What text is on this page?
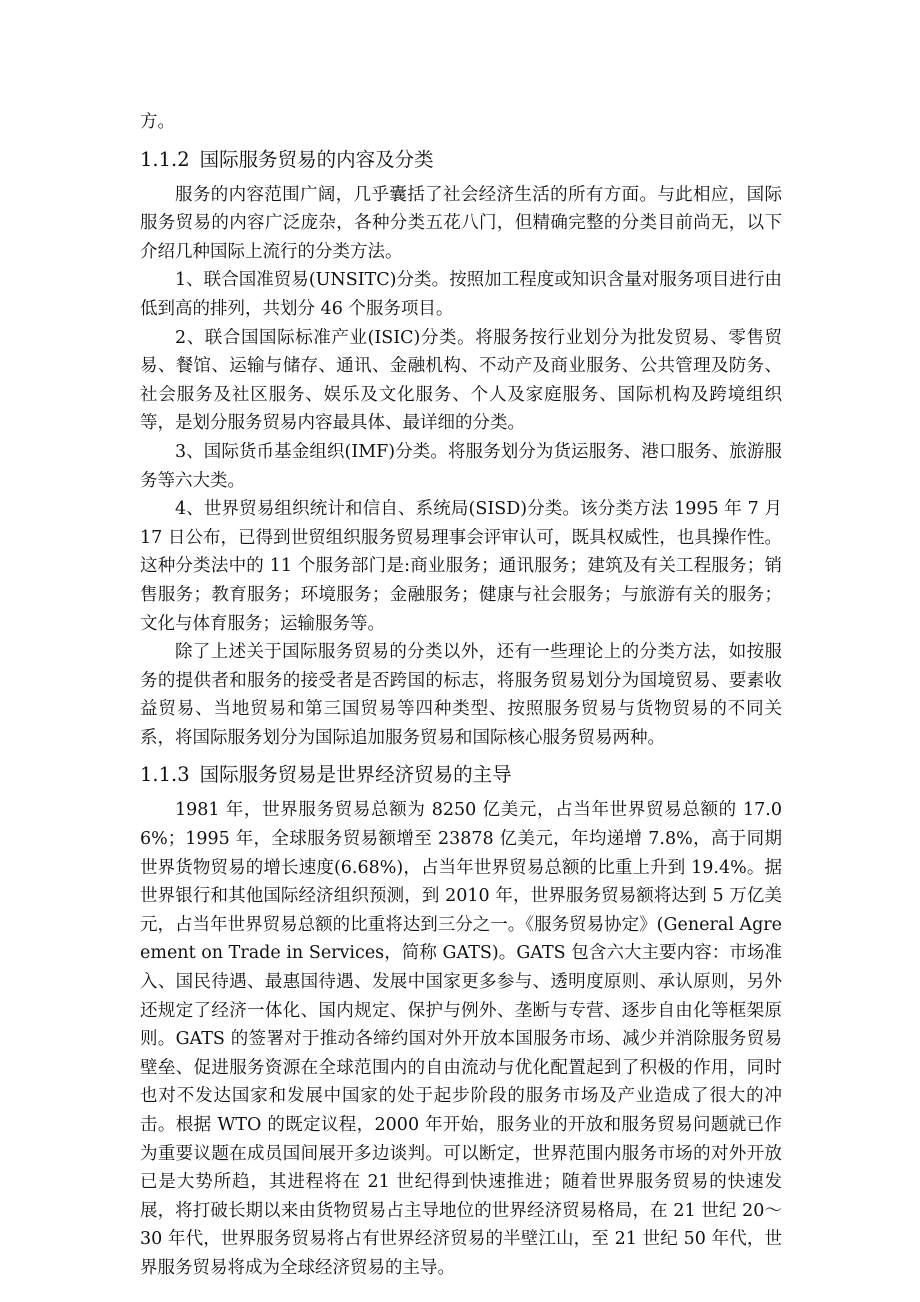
方。

1.1.2 国际服务贸易的内容及分类

服务的内容范围广阔，几乎囊括了社会经济生活的所有方面。与此相应，国际服务贸易的内容广泛庞杂，各种分类五花八门，但精确完整的分类目前尚无，以下介绍几种国际上流行的分类方法。

1、联合国准贸易(UNSITC)分类。按照加工程度或知识含量对服务项目进行由低到高的排列，共划分 46 个服务项目。

2、联合国国际标准产业(ISIC)分类。将服务按行业划分为批发贸易、零售贸易、餐馆、运输与储存、通讯、金融机构、不动产及商业服务、公共管理及防务、社会服务及社区服务、娱乐及文化服务、个人及家庭服务、国际机构及跨境组织等，是划分服务贸易内容最具体、最详细的分类。

3、国际货币基金组织(IMF)分类。将服务划分为货运服务、港口服务、旅游服务等六大类。

4、世界贸易组织统计和信自、系统局(SISD)分类。该分类方法 1995 年 7 月 17 日公布，已得到世贸组织服务贸易理事会评审认可，既具权威性，也具操作性。这种分类法中的 11 个服务部门是:商业服务；通讯服务；建筑及有关工程服务；销售服务；教育服务；环境服务；金融服务；健康与社会服务；与旅游有关的服务；文化与体育服务；运输服务等。

除了上述关于国际服务贸易的分类以外，还有一些理论上的分类方法，如按服务的提供者和服务的接受者是否跨国的标志，将服务贸易划分为国境贸易、要素收益贸易、当地贸易和第三国贸易等四种类型、按照服务贸易与货物贸易的不同关系，将国际服务划分为国际追加服务贸易和国际核心服务贸易两种。

1.1.3 国际服务贸易是世界经济贸易的主导

1981 年，世界服务贸易总额为 8250 亿美元，占当年世界贸易总额的 17.06%；1995 年，全球服务贸易额增至 23878 亿美元，年均递增 7.8%，高于同期世界货物贸易的增长速度(6.68%)，占当年世界贸易总额的比重上升到 19.4%。据世界银行和其他国际经济组织预测，到 2010 年，世界服务贸易额将达到 5 万亿美元，占当年世界贸易总额的比重将达到三分之一。《服务贸易协定》(General Agreement on Trade in Services，简称 GATS)。GATS 包含六大主要内容：市场准入、国民待遇、最惠国待遇、发展中国家更多参与、透明度原则、承认原则，另外还规定了经济一体化、国内规定、保护与例外、垄断与专营、逐步自由化等框架原则。GATS 的签署对于推动各缔约国对外开放本国服务市场、减少并消除服务贸易壁垒、促进服务资源在全球范围内的自由流动与优化配置起到了积极的作用，同时也对不发达国家和发展中国家的处于起步阶段的服务市场及产业造成了很大的冲击。根据 WTO 的既定议程，2000 年开始，服务业的开放和服务贸易问题就已作为重要议题在成员国间展开多边谈判。可以断定，世界范围内服务市场的对外开放已是大势所趋，其进程将在 21 世纪得到快速推进；随着世界服务贸易的快速发展，将打破长期以来由货物贸易占主导地位的世界经济贸易格局，在 21 世纪 20～30 年代，世界服务贸易将占有世界经济贸易的半壁江山，至 21 世纪 50 年代，世界服务贸易将成为全球经济贸易的主导。
